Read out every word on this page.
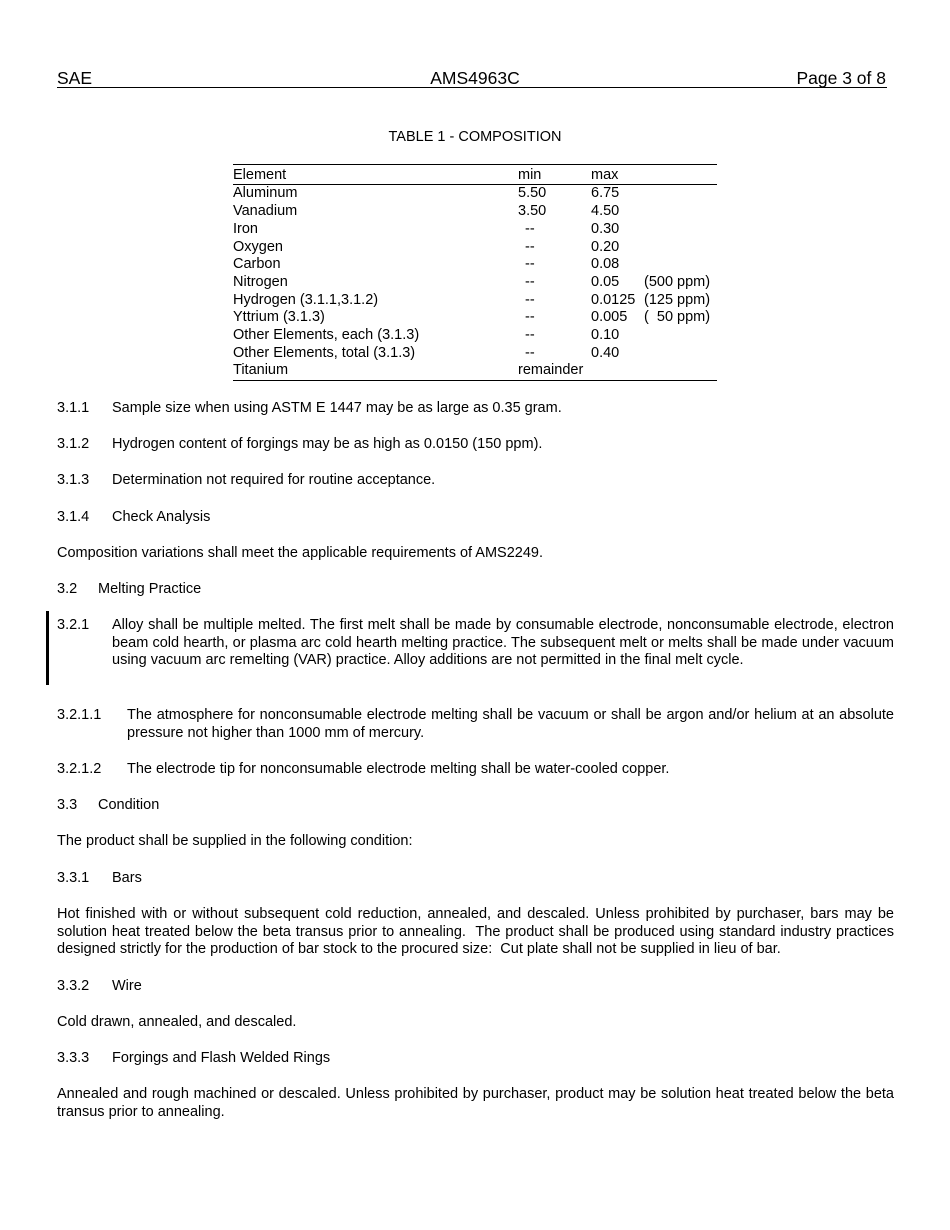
SAE	AMS4963C	Page 3 of 8
TABLE 1 - COMPOSITION
Element	min	max
Aluminum	5.50	6.75
Vanadium	3.50	4.50
Iron	--	0.30
Oxygen	--	0.20
Carbon	--	0.08
Nitrogen	--	0.05 (500 ppm)
Hydrogen (3.1.1,3.1.2)	--	0.0125 (125 ppm)
Yttrium (3.1.3)	--	0.005 (  50 ppm)
Other Elements, each (3.1.3)	--	0.10
Other Elements, total (3.1.3)	--	0.40
Titanium	remainder
3.1.1 Sample size when using ASTM E 1447 may be as large as 0.35 gram.
3.1.2 Hydrogen content of forgings may be as high as 0.0150 (150 ppm).
3.1.3 Determination not required for routine acceptance.
3.1.4 Check Analysis
Composition variations shall meet the applicable requirements of AMS2249.
3.2 Melting Practice
3.2.1 Alloy shall be multiple melted. The first melt shall be made by consumable electrode, nonconsumable electrode, electron beam cold hearth, or plasma arc cold hearth melting practice. The subsequent melt or melts shall be made under vacuum using vacuum arc remelting (VAR) practice. Alloy additions are not permitted in the final melt cycle.
3.2.1.1 The atmosphere for nonconsumable electrode melting shall be vacuum or shall be argon and/or helium at an absolute pressure not higher than 1000 mm of mercury.
3.2.1.2 The electrode tip for nonconsumable electrode melting shall be water-cooled copper.
3.3 Condition
The product shall be supplied in the following condition:
3.3.1 Bars
Hot finished with or without subsequent cold reduction, annealed, and descaled. Unless prohibited by purchaser, bars may be solution heat treated below the beta transus prior to annealing.  The product shall be produced using standard industry practices designed strictly for the production of bar stock to the procured size:  Cut plate shall not be supplied in lieu of bar.
3.3.2 Wire
Cold drawn, annealed, and descaled.
3.3.3 Forgings and Flash Welded Rings
Annealed and rough machined or descaled. Unless prohibited by purchaser, product may be solution heat treated below the beta transus prior to annealing.
